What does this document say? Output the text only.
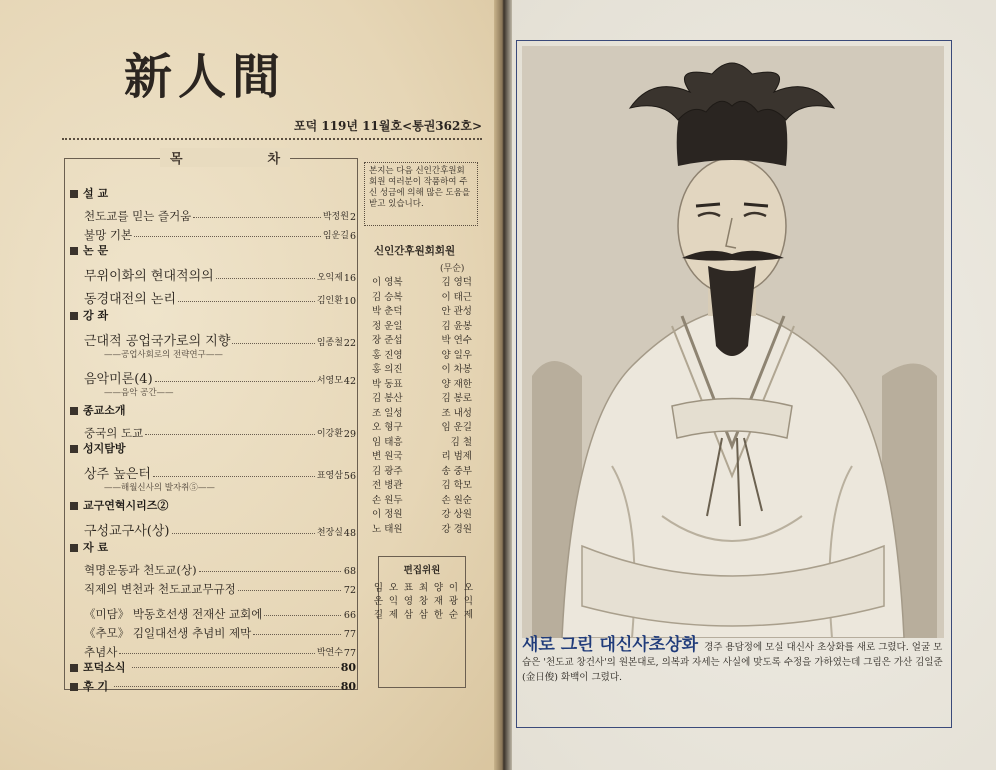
新人間
포덕 119년 11월호<통권362호>
목	차
설 교
천도교를 믿는 즐거움	박정원 2
불망 기본	임운길 6
논 문
무위이화의 현대적의의	오익제 16
동경대전의 논리	김인환 10
강 좌
근대적 공업국가로의 지향	임종철 22
——공업사회로의 전략연구——
음악미론(4)	서영모 42
——음악 공간——
종교소개
중국의 도교	이강환 29
성지탐방
상주 높은터	표영삼 56
——해월신사의 발자취⑤——
교구연혁시리즈②
구성교구사(상)	천장실 48
자 료
혁명운동과 천도교(상)	68
직제의 변천과 천도교교무규정	72
《미담》 박동호선생 전재산 교회에	66
《추모》 김일대선생 추념비 제막	77
추념사	박연수 77
포덕소식	80
후 기	80
본지는 다음 신인간후원회 회원 여러분이 작품하여 주신 성금에 의해 많은 도움을 받고 있습니다.
신인간후원회회원
(무순)
이 영복	김 영덕
김 승복	이 태근
박 춘덕	안 관성
정 운일	김 윤봉
장 준섭	박 연수
홍 진영	양 일우
홍 의진	이 차봉
박 동표	양 재한
김 봉산	김 봉로
조 일성	조 내성
오 형구	임 운길
임 태흥	김 철
변 원국	리 범제
김 광주	송 중부
전 병관	김 학모
손 원두	손 원순
이 정원	강 상원
노 태원	강 경원
편집위원
오익제
이광순
양재한
최창삼
표영삼
오익제
임운길
새로 그린 대신사초상화 경주 용담정에 모실 대신사 초상화를 새로 그렸다. 얼굴 모습은 '천도교 창건사'의 원본대로, 의복과 자세는 사실에 맞도록 수정을 가하였는데 그림은 가산 김일준(金日俊) 화백이 그렸다.
